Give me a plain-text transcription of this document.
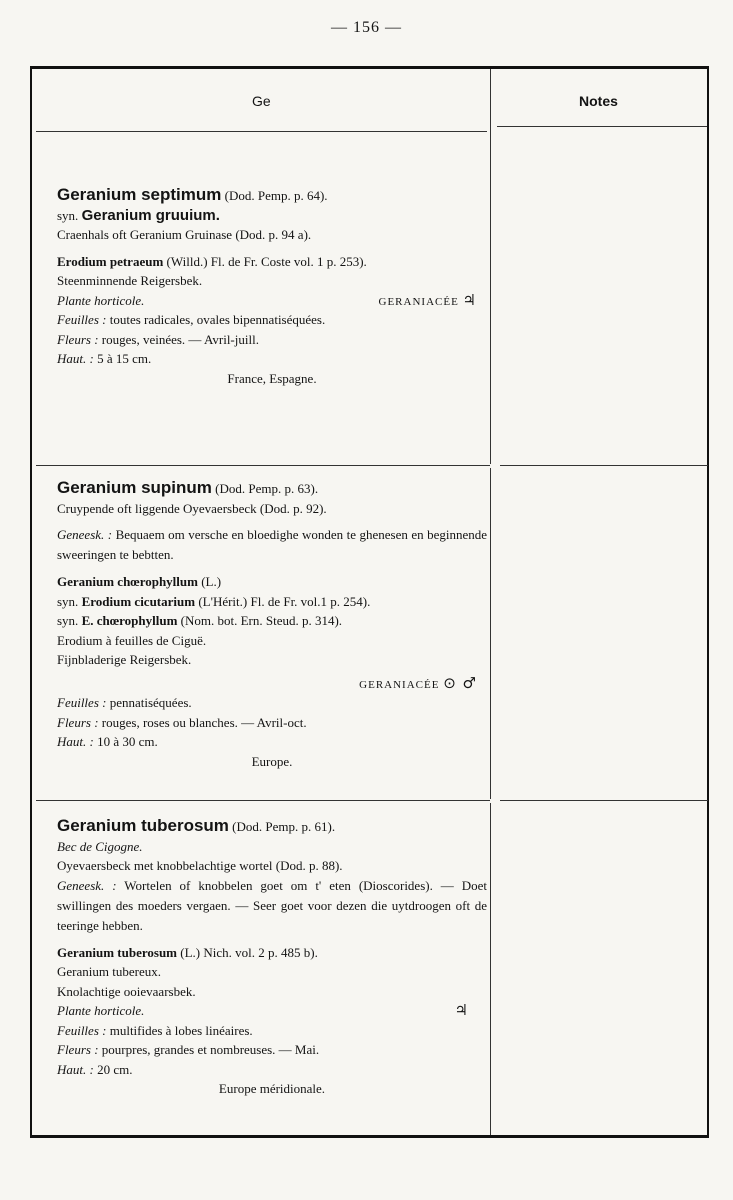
— 156 —
Ge	Notes
Geranium septimum (Dod. Pemp. p. 64).
syn. Geranium gruuium.
Craenhals oft Geranium Gruinase (Dod. p. 94 a).
Erodium petraeum (Willd.) Fl. de Fr. Coste vol. 1 p. 253).
Steenminnende Reigersbek.
Plante horticole.	GERANIACÉE ♃
Feuilles : toutes radicales, ovales bipennatiséquées.
Fleurs : rouges, veinées. — Avril-juill.
Haut. : 5 à 15 cm.
France, Espagne.
Geranium supinum (Dod. Pemp. p. 63).
Cruypende oft liggende Oyevaersbeck (Dod. p. 92).
Geneesk. : Bequaem om versche en bloedighe wonden te ghenesen en beginnende sweeringen te bebtten.
Geranium chœrophyllum (L.)
syn. Erodium cicutarium (L'Hérit.) Fl. de Fr. vol.1 p. 254).
syn. E. chœrophyllum (Nom. bot. Ern. Steud. p. 314).
Erodium à feuilles de Ciguë.
Fijnbladerige Reigersbek.
GERANIACÉE ⊙ ♂

Feuilles : pennatiséquées.
Fleurs : rouges, roses ou blanches. — Avril-oct.
Haut. : 10 à 30 cm.
Europe.
Geranium tuberosum (Dod. Pemp. p. 61).
Bec de Cigogne.
Oyevaersbeck met knobbelachtige wortel (Dod. p. 88).
Geneesk. : Wortelen of knobbelen goet om t' eten (Dioscorides). — Doet swillingen des moeders vergaen. — Seer goet voor dezen die uytdroogen oft de teeringe hebben.
Geranium tuberosum (L.) Nich. vol. 2 p. 485 b).
Geranium tubereux.
Knolachtige ooievaarsbek.
Plante horticole.	♃
Feuilles : multifides à lobes linéaires.
Fleurs : pourpres, grandes et nombreuses. — Mai.
Haut. : 20 cm.
Europe méridionale.
